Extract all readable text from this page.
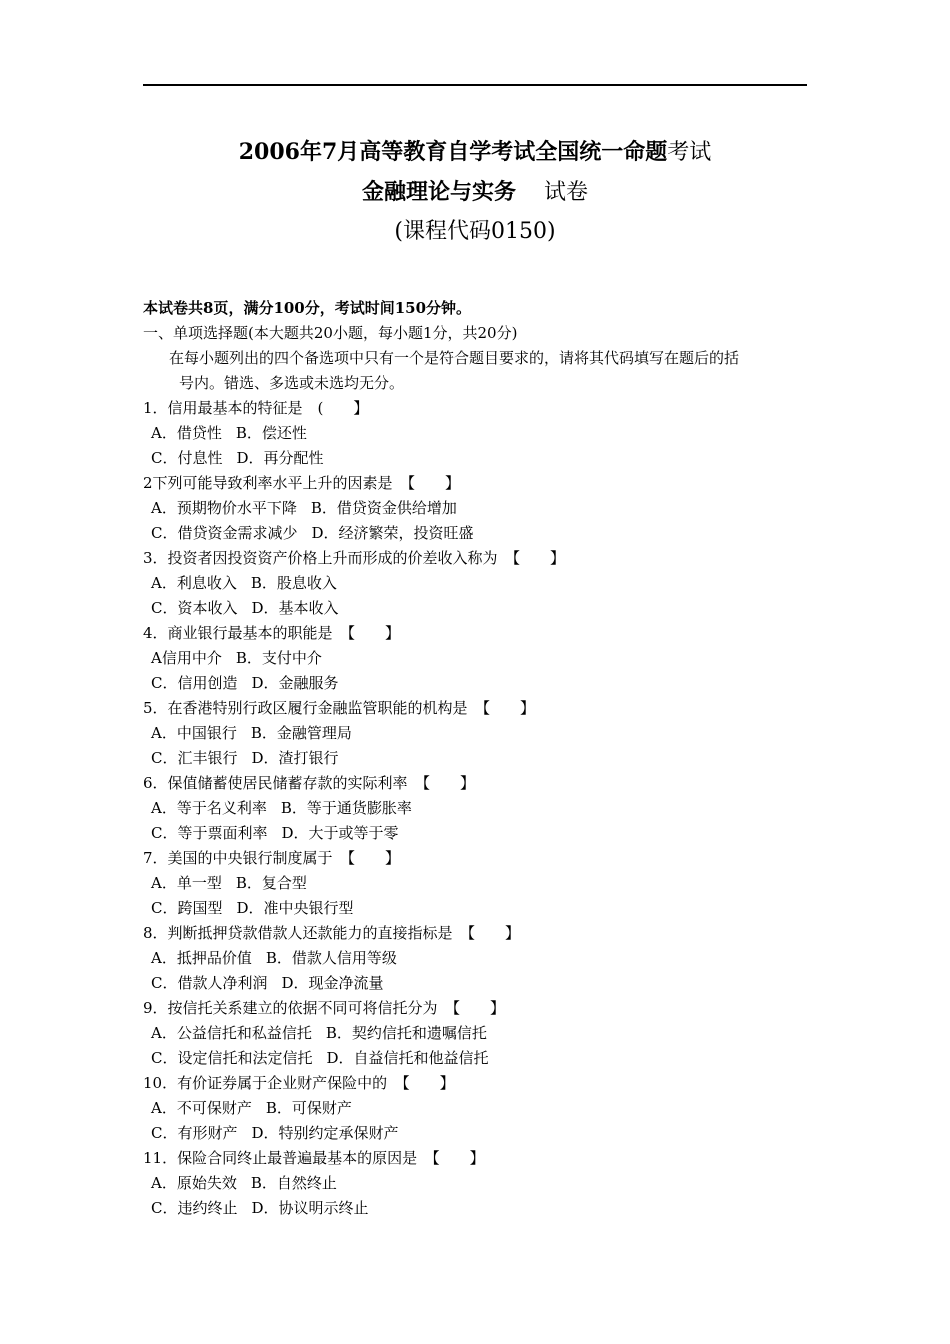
2006年7月高等教育自学考试全国统一命题考试
金融理论与实务 试卷
(课程代码0150)
本试卷共8页，满分100分，考试时间150分钟。
一、单项选择题(本大题共20小题，每小题1分，共20分)
在每小题列出的四个备选项中只有一个是符合题目要求的，请将其代码填写在题后的括
号内。错选、多选或未选均无分。
1．信用最基本的特征是　(　　】
A．借贷性 B．偿还性
C．付息性 D．再分配性
2下列可能导致利率水平上升的因素是　【　　】
A．预期物价水平下降 B．借贷资金供给增加
C．借贷资金需求减少 D．经济繁荣，投资旺盛
3．投资者因投资资产价格上升而形成的价差收入称为　【　　】
A．利息收入 B．股息收入
C．资本收入 D．基本收入
4．商业银行最基本的职能是　【　　】
A信用中介 B．支付中介
C．信用创造 D．金融服务
5．在香港特别行政区履行金融监管职能的机构是　【　　】
A．中国银行 B．金融管理局
C．汇丰银行 D．渣打银行
6．保值储蓄使居民储蓄存款的实际利率　【　　】
A．等于名义利率 B．等于通货膨胀率
C．等于票面利率 D．大于或等于零
7．美国的中央银行制度属于　【　　】
A．单一型 B．复合型
C．跨国型 D．准中央银行型
8．判断抵押贷款借款人还款能力的直接指标是　【　　】
A．抵押品价值 B．借款人信用等级
C．借款人净利润 D．现金净流量
9．按信托关系建立的依据不同可将信托分为　【　　】
A．公益信托和私益信托 B．契约信托和遗嘱信托
C．设定信托和法定信托 D．自益信托和他益信托
10．有价证券属于企业财产保险中的　【　　】
A．不可保财产 B．可保财产
C．有形财产 D．特别约定承保财产
11．保险合同终止最普遍最基本的原因是　【　　】
A．原始失效 B．自然终止
C．违约终止 D．协议明示终止
